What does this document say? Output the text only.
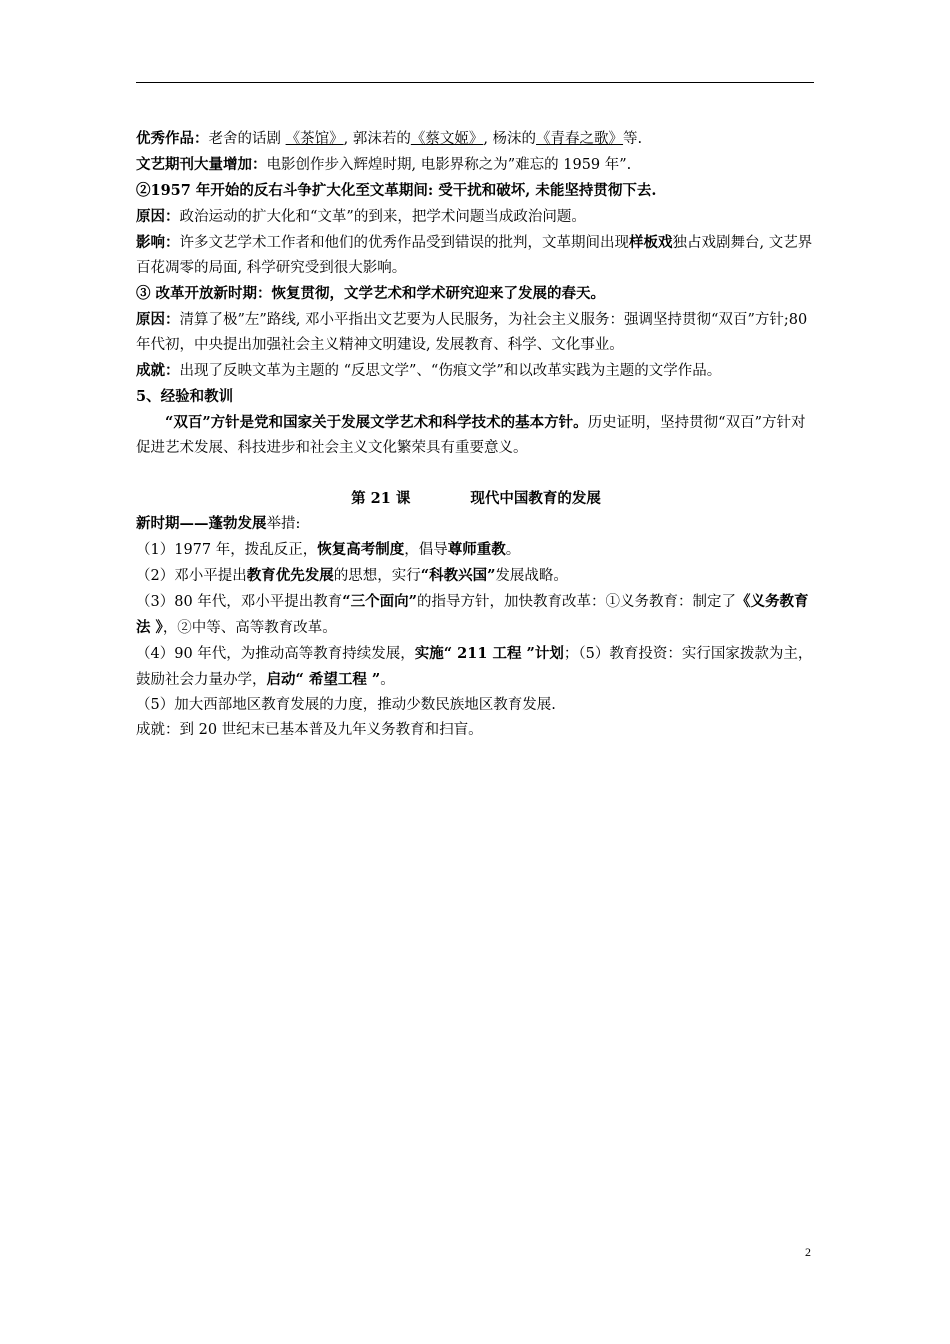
优秀作品：老舍的话剧 《茶馆》, 郭沫若的《蔡文姬》, 杨沫的《青春之歌》等.

文艺期刊大量增加：电影创作步入辉煌时期, 电影界称之为”难忘的 1959 年”.

②1957 年开始的反右斗争扩大化至文革期间: 受干扰和破坏, 未能坚持贯彻下去.

原因：政治运动的扩大化和“文革”的到来，把学术问题当成政治问题。

影响：许多文艺学术工作者和他们的优秀作品受到错误的批判，文革期间出现样板戏独占戏剧舞台, 文艺界百花凋零的局面, 科学研究受到很大影响。

③ 改革开放新时期：恢复贯彻，文学艺术和学术研究迎来了发展的春天。

原因：清算了极”左”路线, 邓小平指出文艺要为人民服务，为社会主义服务：强调坚持贯彻“双百”方针;80 年代初，中央提出加强社会主义精神文明建设, 发展教育、科学、文化事业。

成就：出现了反映文革为主题的 “反思文学”、“伤痕文学”和以改革实践为主题的文学作品。

5、经验和教训

“双百”方针是党和国家关于发展文学艺术和科学技术的基本方针。历史证明，坚持贯彻“双百”方针对促进艺术发展、科技进步和社会主义文化繁荣具有重要意义。

第 21 课	现代中国教育的发展

新时期——蓬勃发展举措:

（1）1977 年，拨乱反正，恢复高考制度，倡导尊师重教。

（2）邓小平提出教育优先发展的思想，实行“科教兴国”发展战略。

（3）80 年代，邓小平提出教育“三个面向”的指导方针，加快教育改革：①义务教育：制定了《义务教育法 》，②中等、高等教育改革。

（4）90 年代，为推动高等教育持续发展，实施“ 211 工程 ”计划；（5）教育投资：实行国家拨款为主，鼓励社会力量办学，启动“ 希望工程 ”。

（5）加大西部地区教育发展的力度，推动少数民族地区教育发展.

成就：到 20 世纪末已基本普及九年义务教育和扫盲。

2
